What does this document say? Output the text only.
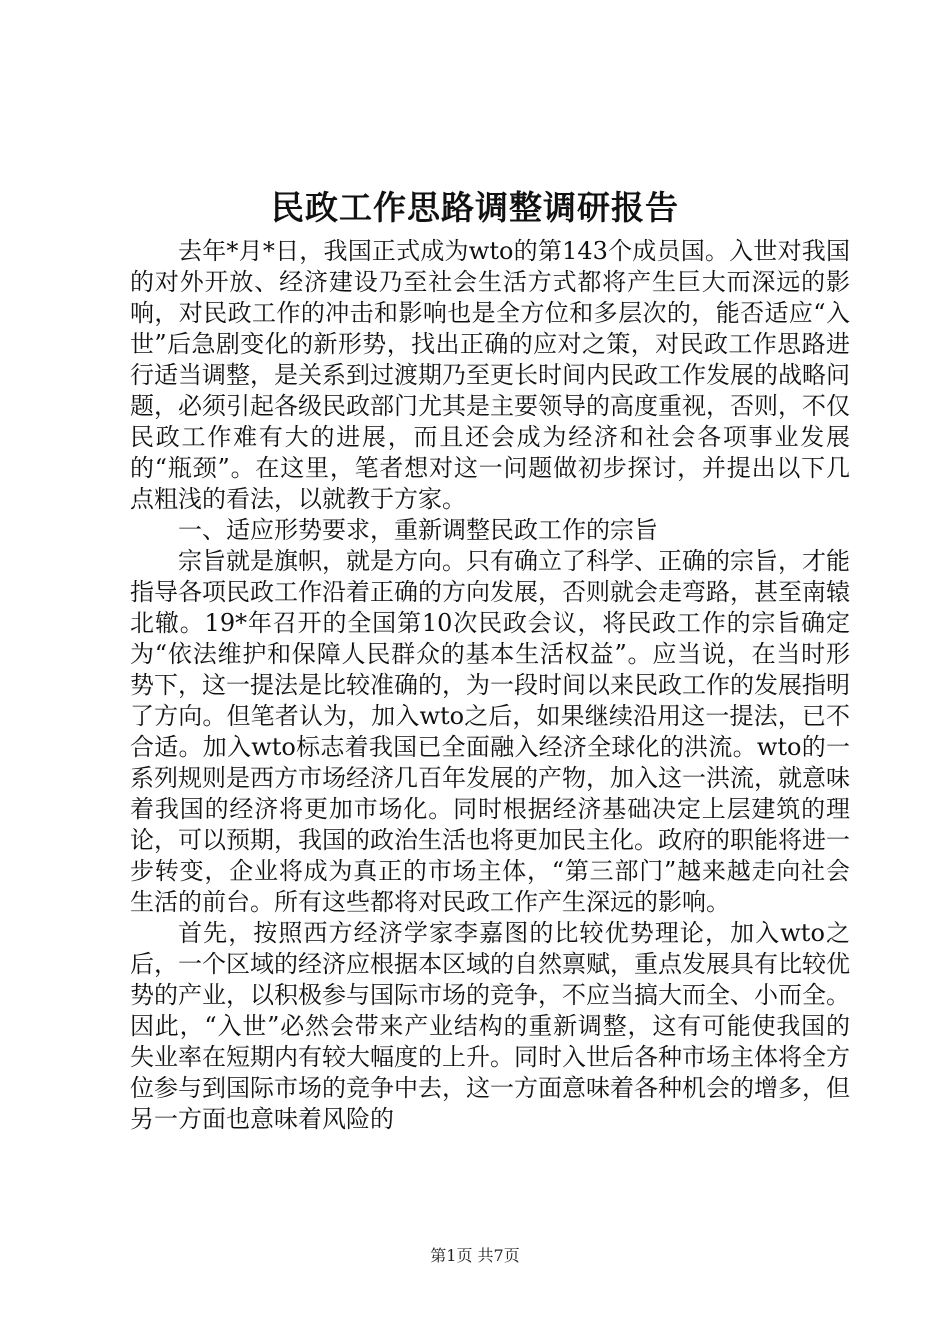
民政工作思路调整调研报告

去年*月*日，我国正式成为wto的第143个成员国。入世对我国的对外开放、经济建设乃至社会生活方式都将产生巨大而深远的影响，对民政工作的冲击和影响也是全方位和多层次的，能否适应“入世”后急剧变化的新形势，找出正确的应对之策，对民政工作思路进行适当调整，是关系到过渡期乃至更长时间内民政工作发展的战略问题，必须引起各级民政部门尤其是主要领导的高度重视，否则，不仅民政工作难有大的进展，而且还会成为经济和社会各项事业发展的“瓶颈”。在这里，笔者想对这一问题做初步探讨，并提出以下几点粗浅的看法，以就教于方家。

一、适应形势要求，重新调整民政工作的宗旨

宗旨就是旗帜，就是方向。只有确立了科学、正确的宗旨，才能指导各项民政工作沿着正确的方向发展，否则就会走弯路，甚至南辕北辙。19*年召开的全国第10次民政会议，将民政工作的宗旨确定为“依法维护和保障人民群众的基本生活权益”。应当说，在当时形势下，这一提法是比较准确的，为一段时间以来民政工作的发展指明了方向。但笔者认为，加入wto之后，如果继续沿用这一提法，已不合适。加入wto标志着我国已全面融入经济全球化的洪流。wto的一系列规则是西方市场经济几百年发展的产物，加入这一洪流，就意味着我国的经济将更加市场化。同时根据经济基础决定上层建筑的理论，可以预期，我国的政治生活也将更加民主化。政府的职能将进一步转变，企业将成为真正的市场主体，“第三部门”越来越走向社会生活的前台。所有这些都将对民政工作产生深远的影响。

首先，按照西方经济学家李嘉图的比较优势理论，加入wto之后，一个区域的经济应根据本区域的自然禀赋，重点发展具有比较优势的产业，以积极参与国际市场的竞争，不应当搞大而全、小而全。因此，“入世”必然会带来产业结构的重新调整，这有可能使我国的失业率在短期内有较大幅度的上升。同时入世后各种市场主体将全方位参与到国际市场的竞争中去，这一方面意味着各种机会的增多，但另一方面也意味着风险的

第1页 共7页
